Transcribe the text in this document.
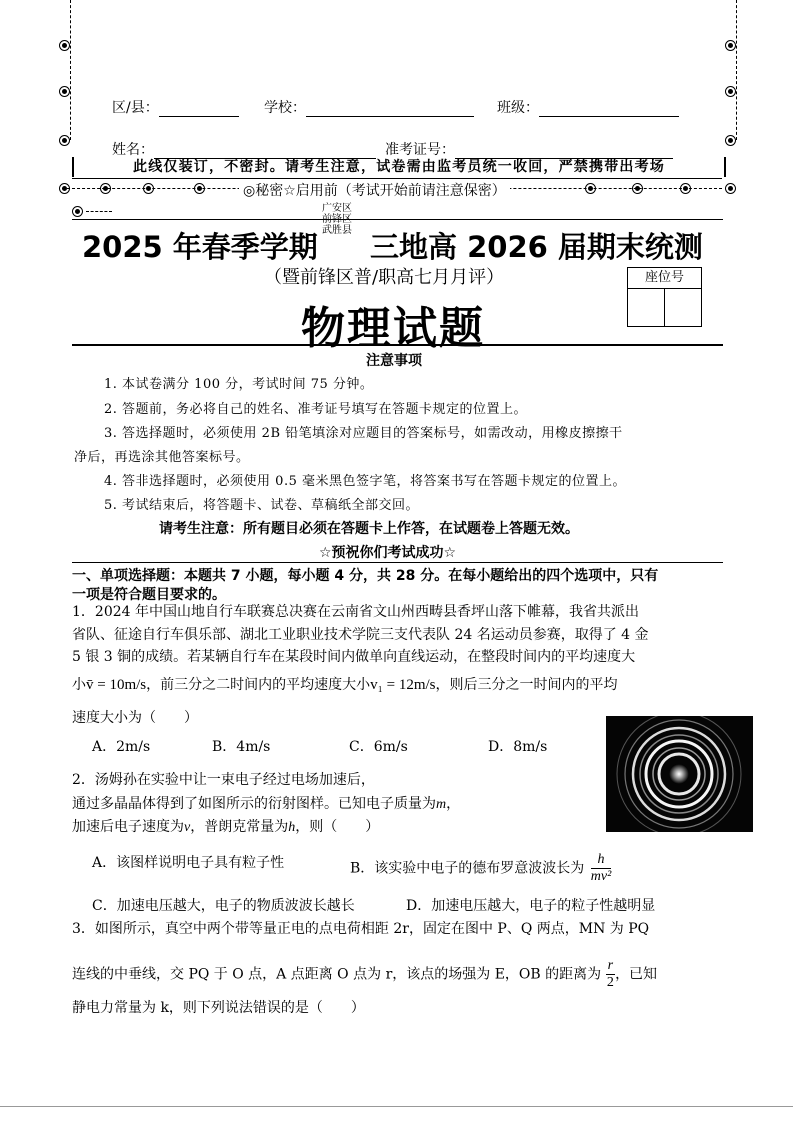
区/县：	学校：	班级：
姓名：	准考证号：
此线仅装订，不密封。请考生注意，试卷需由监考员统一收回，严禁携带出考场
◎秘密☆启用前（考试开始前请注意保密）
2025 年春季学期
广安区
前锋区
武胜县 三地高 2026 届期末统测
（暨前锋区普/职高七月月评）	座位号
物理试题
注意事项
1. 本试卷满分 100 分，考试时间 75 分钟。
2. 答题前，务必将自己的姓名、准考证号填写在答题卡规定的位置上。
3. 答选择题时，必须使用 2B 铅笔填涂对应题目的答案标号，如需改动，用橡皮擦擦干
净后，再选涂其他答案标号。
4. 答非选择题时，必须使用 0.5 毫米黑色签字笔，将答案书写在答题卡规定的位置上。
5. 考试结束后，将答题卡、试卷、草稿纸全部交回。
请考生注意：所有题目必须在答题卡上作答，在试题卷上答题无效。
☆预祝你们考试成功☆
一、单项选择题：本题共 7 小题，每小题 4 分，共 28 分。在每小题给出的四个选项中，只有
一项是符合题目要求的。
1．2024 年中国山地自行车联赛总决赛在云南省文山州西畴县香坪山落下帷幕，我省共派出
省队、征途自行车俱乐部、湖北工业职业技术学院三支代表队 24 名运动员参赛，取得了 4 金
5 银 3 铜的成绩。若某辆自行车在某段时间内做单向直线运动，在整段时间内的平均速度大
小v̄ = 10m/s，前三分之二时间内的平均速度大小v₁ = 12m/s，则后三分之一时间内的平均
速度大小为（　　）
A．2m/s	B．4m/s	C．6m/s	D．8m/s
2．汤姆孙在实验中让一束电子经过电场加速后，
通过多晶晶体得到了如图所示的衍射图样。已知电子质量为m，
加速后电子速度为v，普朗克常量为h，则（　　）
A．该图样说明电子具有粒子性	B．该实验中电子的德布罗意波波长为 $\frac{h}{\text{mv²}}$
C．加速电压越大，电子的物质波波长越长	D．加速电压越大，电子的粒子性越明显
3．如图所示，真空中两个带等量正电的点电荷相距 2r，固定在图中 P、Q 两点，MN 为 PQ
连线的中垂线，交 PQ 于 O 点，A 点距离 O 点为 r，该点的场强为 E，OB 的距离为 $\frac{r}{2}$ ，已知
静电力常量为 k，则下列说法错误的是（　　）
